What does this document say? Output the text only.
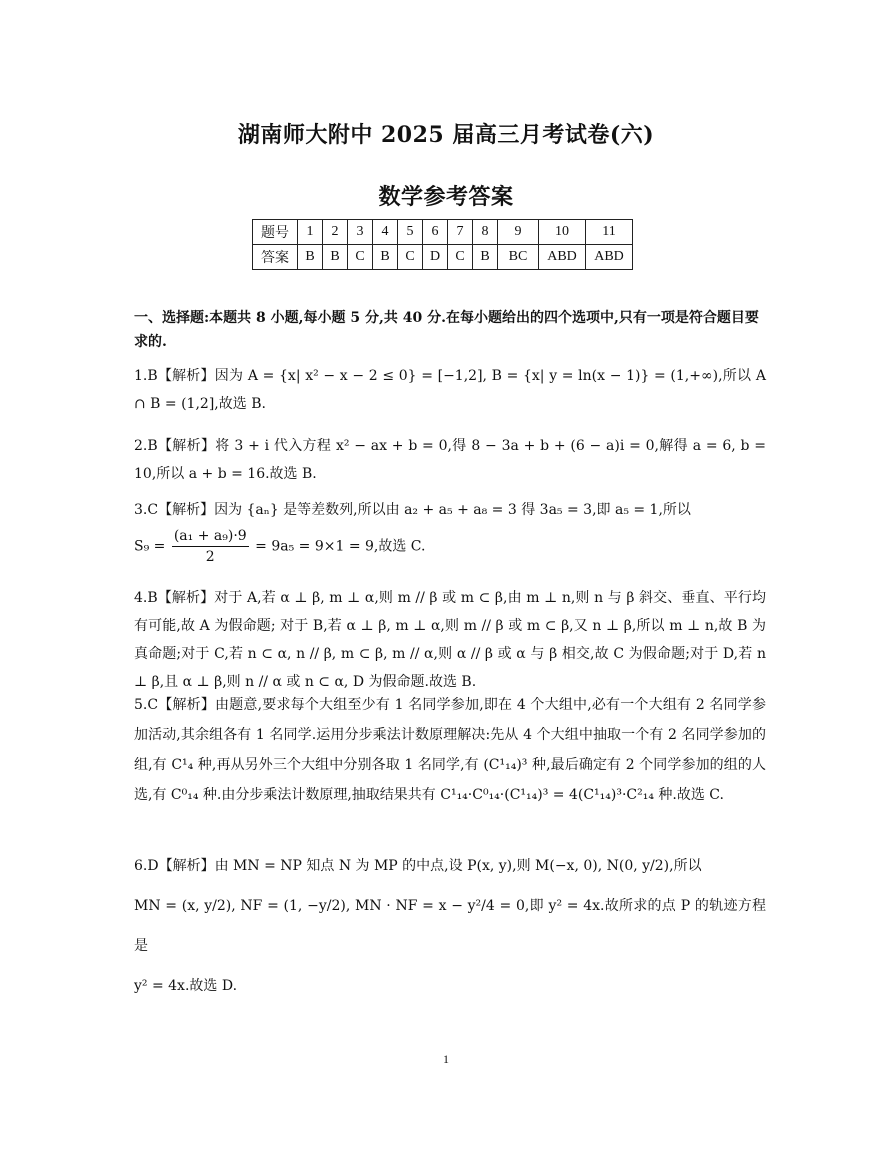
湖南师大附中 2025 届高三月考试卷(六)
数学参考答案
题号	1	2	3	4	5	6	7	8	9	10	11
答案	B	B	C	B	C	D	C	B	BC	ABD	ABD
一、选择题:本题共 8 小题,每小题 5 分,共 40 分.在每小题给出的四个选项中,只有一项是符合题目要求的.
1.B【解析】因为 A = {x| x² − x − 2 ≤ 0} = [−1,2], B = {x| y = ln(x − 1)} = (1,+∞),所以 A ∩ B = (1,2],故选 B.
2.B【解析】将 3 + i 代入方程 x² − ax + b = 0,得 8 − 3a + b + (6 − a)i = 0,解得 a = 6, b = 10,所以 a + b = 16.故选 B.
3.C【解析】因为 {aₙ} 是等差数列,所以由 a₂ + a₅ + a₈ = 3 得 3a₅ = 3,即 a₅ = 1,所以
$S_9 = \frac{\text{(a₁ + a₉)·9}}{2} = 9a_5 = 9\times 1 = 9$,故选 C.
4.B【解析】对于 A,若 α ⊥ β, m ⊥ α,则 m // β 或 m ⊂ β,由 m ⊥ n,则 n 与 β 斜交、垂直、平行均有可能,故 A 为假命题; 对于 B,若 α ⊥ β, m ⊥ α,则 m // β 或 m ⊂ β,又 n ⊥ β,所以 m ⊥ n,故 B 为真命题;对于 C,若 n ⊂ α, n // β, m ⊂ β, m // α,则 α // β 或 α 与 β 相交,故 C 为假命题;对于 D,若 n ⊥ β,且 α ⊥ β,则 n // α 或 n ⊂ α, D 为假命题.故选 B.
5.C【解析】由题意,要求每个大组至少有 1 名同学参加,即在 4 个大组中,必有一个大组有 2 名同学参加活动,其余组各有 1 名同学.运用分步乘法计数原理解决:先从 4 个大组中抽取一个有 2 名同学参加的组,有 C¹₄ 种,再从另外三个大组中分别各取 1 名同学,有 (C¹₁₄)³ 种,最后确定有 2 个同学参加的组的人选,有 C⁰₁₄ 种.由分步乘法计数原理,抽取结果共有 C¹₁₄·C⁰₁₄·(C¹₁₄)³ = 4(C¹₁₄)³·C²₁₄ 种.故选 C.
6.D【解析】由 MN = NP 知点 N 为 MP 的中点,设 P(x, y),则 M(−x, 0), N(0, y/2),所以
MN = (x, y/2), NF = (1, −y/2), MN · NF = x − y²/4 = 0,即 y² = 4x.故所求的点 P 的轨迹方程是
y² = 4x.故选 D.
1
